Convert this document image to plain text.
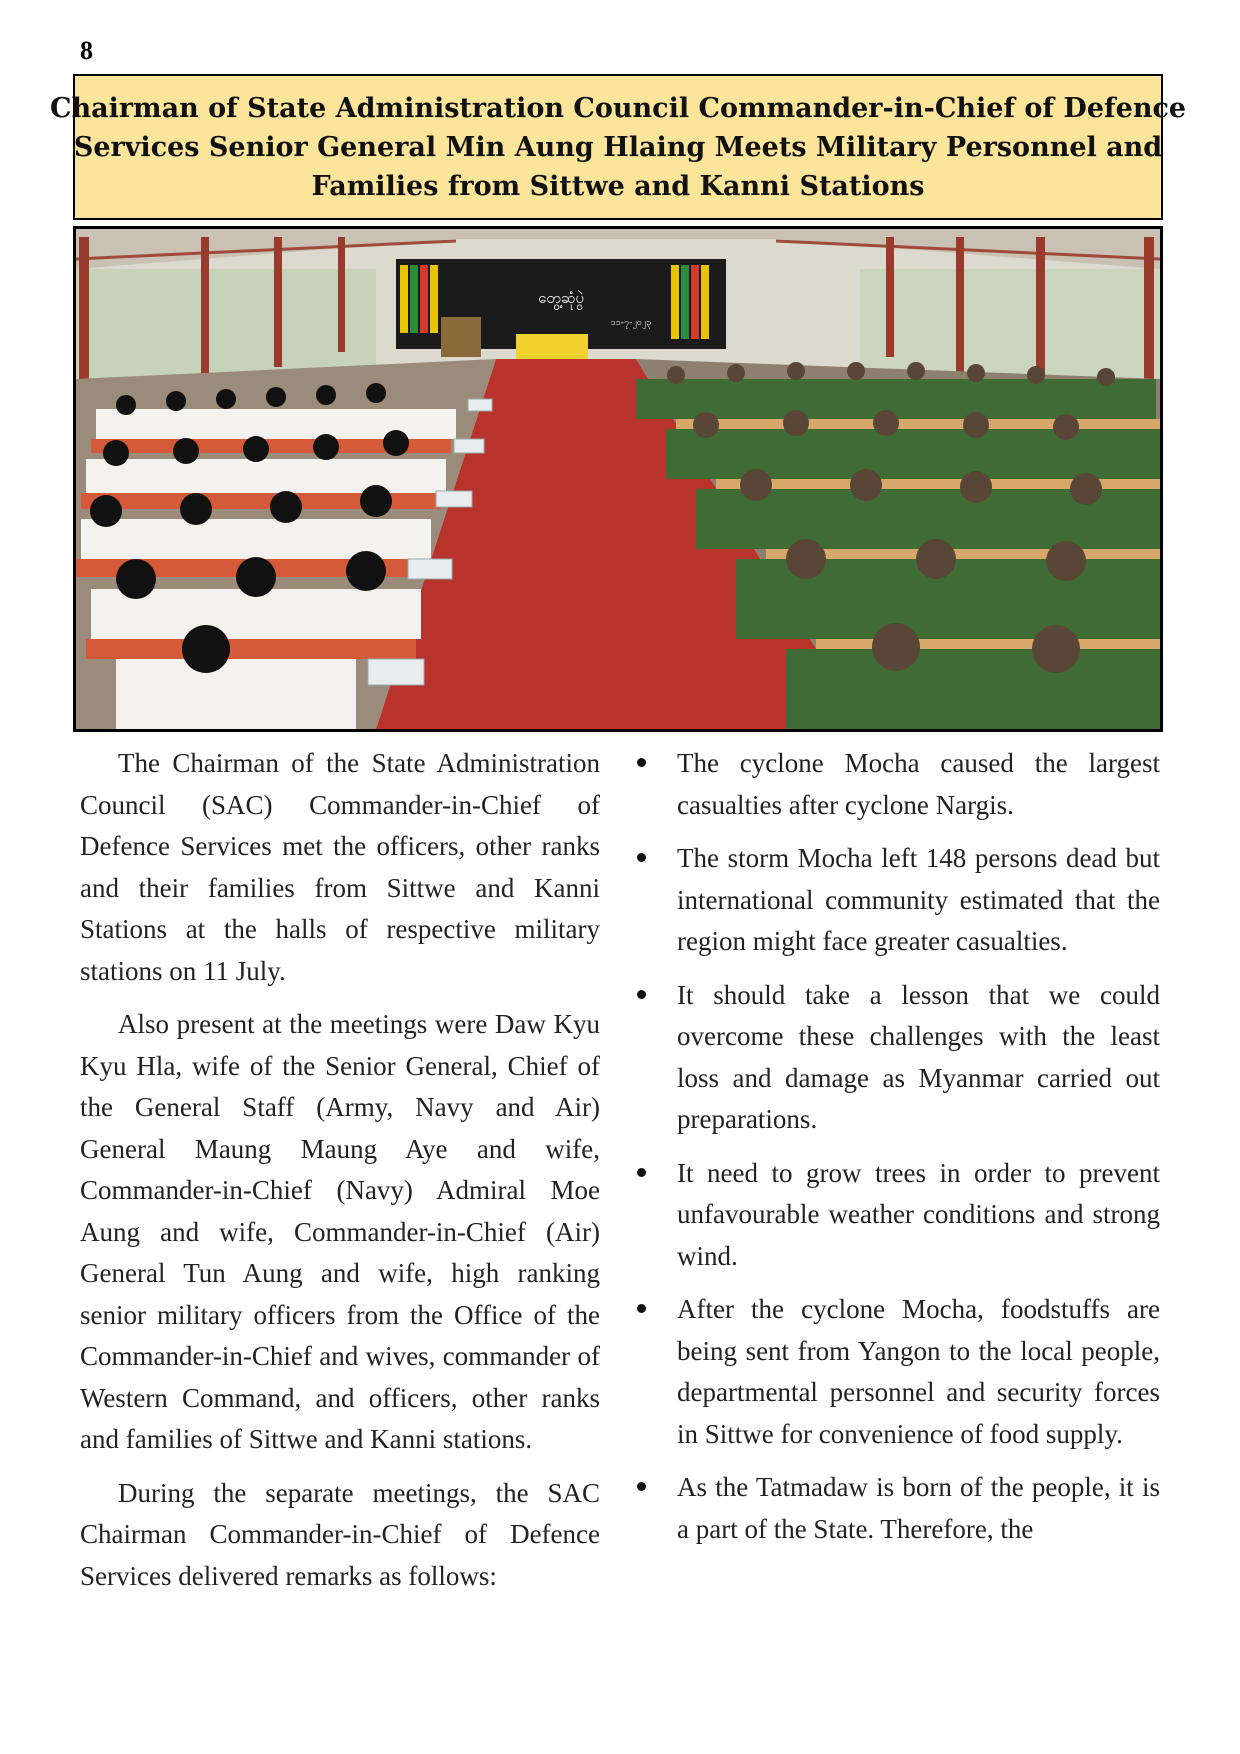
8
Chairman of State Administration Council Commander-in-Chief of Defence
Services Senior General Min Aung Hlaing Meets Military Personnel and
Families from Sittwe and Kanni Stations
တွေ့ဆုံပွဲ
၁၁-၇-၂၀၂၃

The Chairman of the State Administration Council (SAC) Commander-in-Chief of Defence Services met the officers, other ranks and their families from Sittwe and Kanni Stations at the halls of respective military stations on 11 July.

Also present at the meetings were Daw Kyu Kyu Hla, wife of the Senior General, Chief of the General Staff (Army, Navy and Air) General Maung Maung Aye and wife, Commander-in-Chief (Navy) Admiral Moe Aung and wife, Commander-in-Chief (Air) General Tun Aung and wife, high ranking senior military officers from the Office of the Commander-in-Chief and wives, commander of Western Command, and officers, other ranks and families of Sittwe and Kanni stations.

During the separate meetings, the SAC Chairman Commander-in-Chief of Defence Services delivered remarks as follows:

The cyclone Mocha caused the largest casualties after cyclone Nargis.
The storm Mocha left 148 persons dead but international community estimated that the region might face greater casualties.
It should take a lesson that we could overcome these challenges with the least loss and damage as Myanmar carried out preparations.
It need to grow trees in order to prevent unfavourable weather conditions and strong wind.
After the cyclone Mocha, foodstuffs are being sent from Yangon to the local people, departmental personnel and security forces in Sittwe for convenience of food supply.
As the Tatmadaw is born of the people, it is a part of the State. Therefore, the
